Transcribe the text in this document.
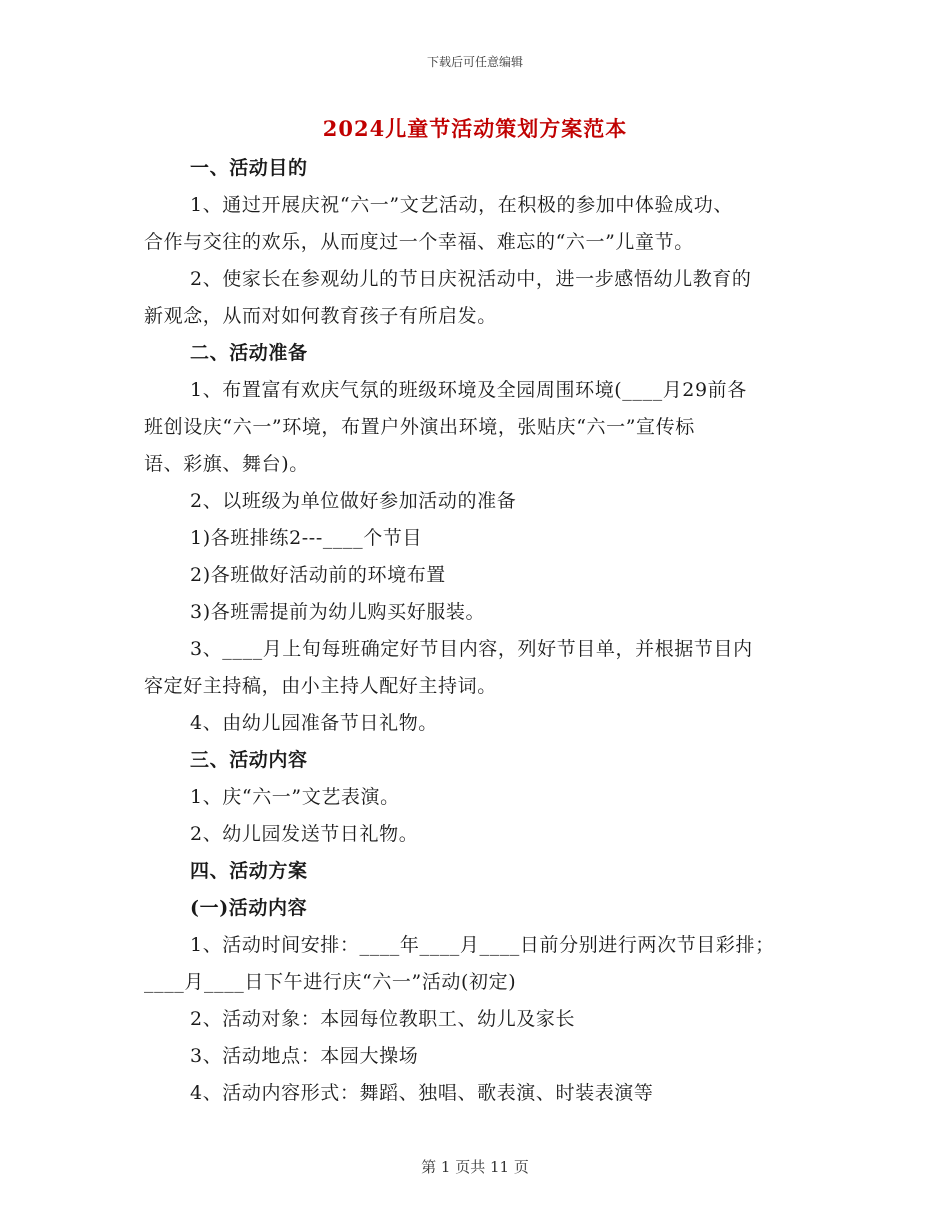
下载后可任意编辑
2024儿童节活动策划方案范本
一、活动目的
1、通过开展庆祝“六一”文艺活动，在积极的参加中体验成功、
合作与交往的欢乐，从而度过一个幸福、难忘的“六一”儿童节。
2、使家长在参观幼儿的节日庆祝活动中，进一步感悟幼儿教育的
新观念，从而对如何教育孩子有所启发。
二、活动准备
1、布置富有欢庆气氛的班级环境及全园周围环境(____月29前各
班创设庆“六一”环境，布置户外演出环境，张贴庆“六一”宣传标
语、彩旗、舞台)。
2、以班级为单位做好参加活动的准备
1)各班排练2---____个节目
2)各班做好活动前的环境布置
3)各班需提前为幼儿购买好服装。
3、____月上旬每班确定好节目内容，列好节目单，并根据节目内
容定好主持稿，由小主持人配好主持词。
4、由幼儿园准备节日礼物。
三、活动内容
1、庆“六一”文艺表演。
2、幼儿园发送节日礼物。
四、活动方案
(一)活动内容
1、活动时间安排：____年____月____日前分别进行两次节目彩排；
____月____日下午进行庆“六一”活动(初定)
2、活动对象：本园每位教职工、幼儿及家长
3、活动地点：本园大操场
4、活动内容形式：舞蹈、独唱、歌表演、时装表演等
第 1 页共 11 页
